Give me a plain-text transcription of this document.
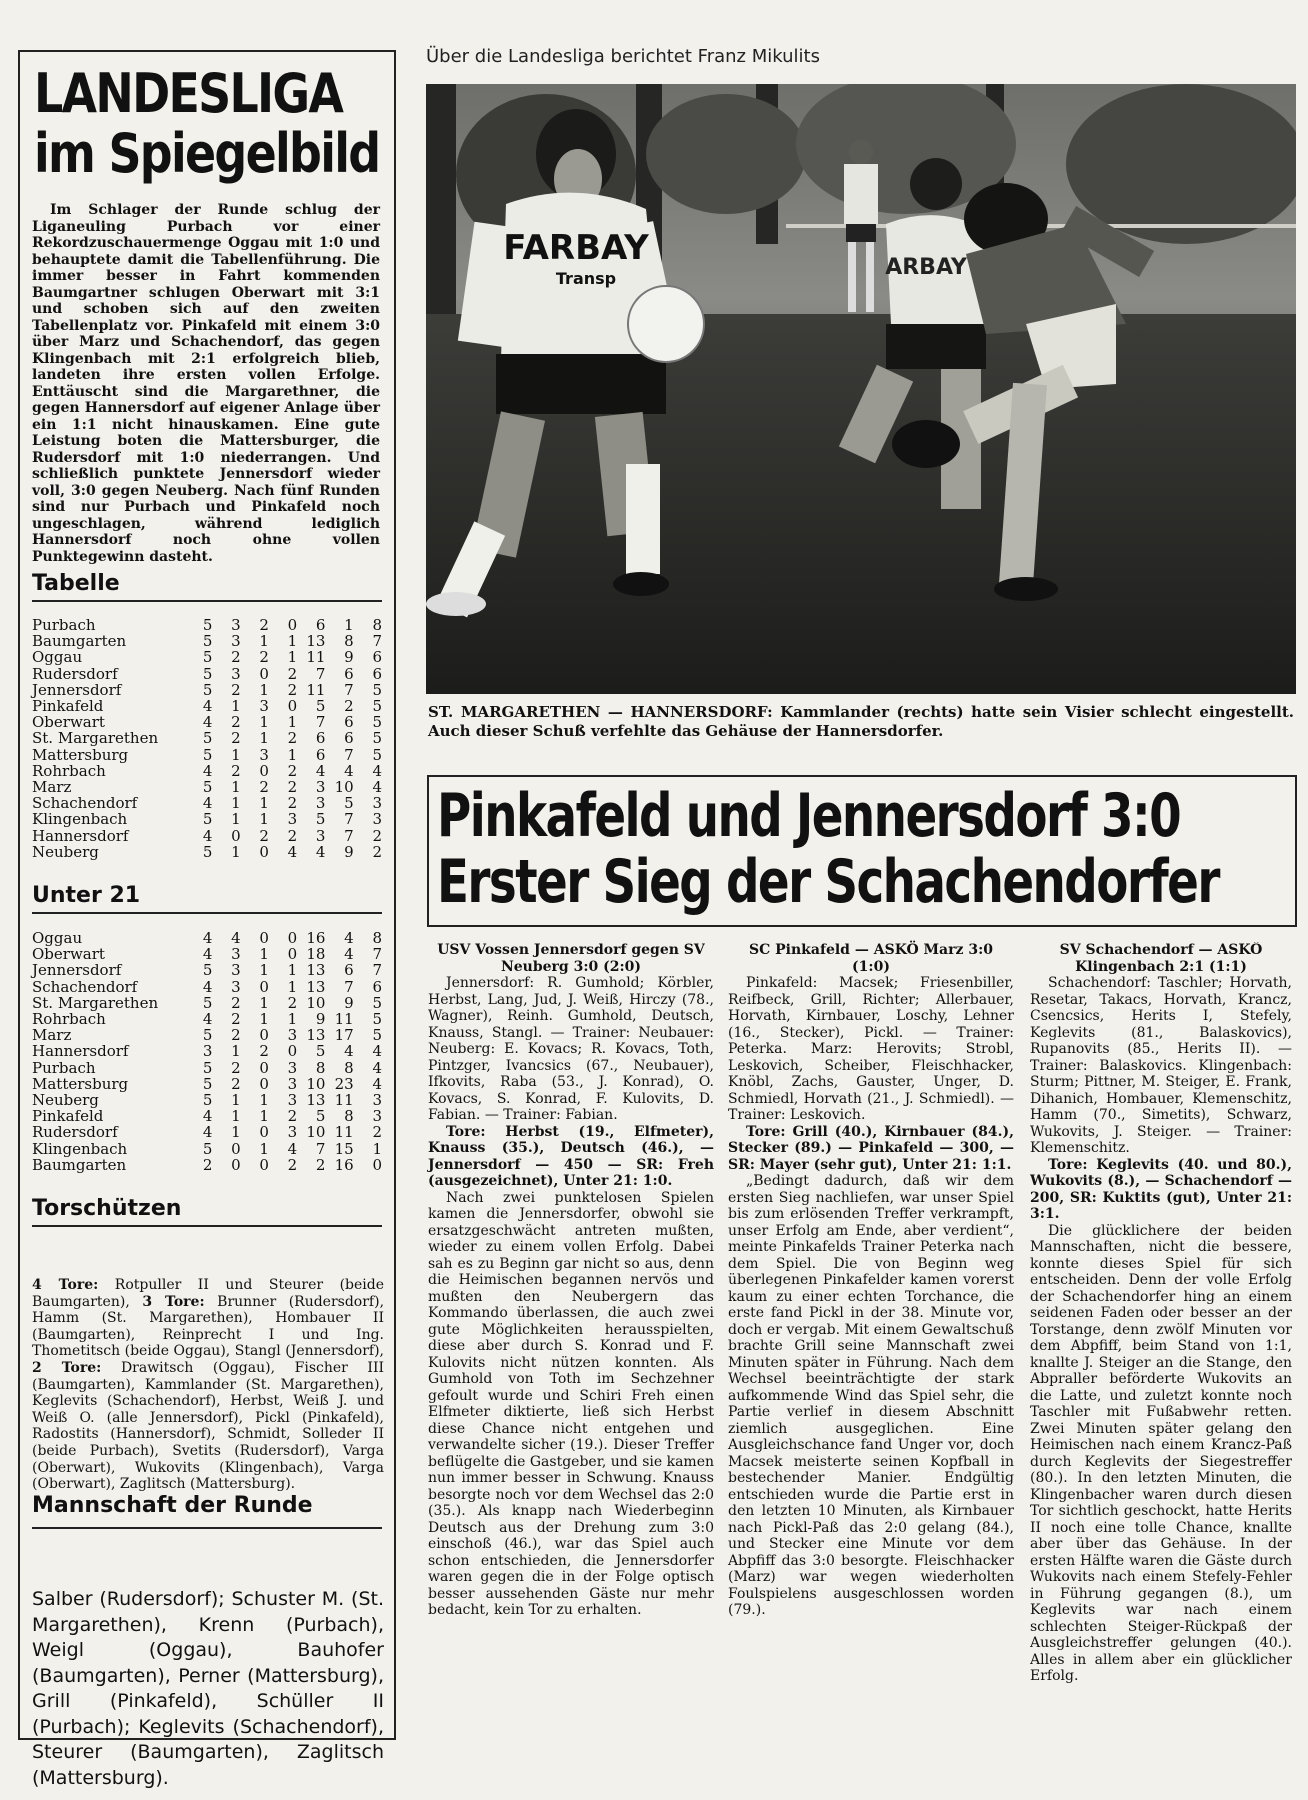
LANDESLIGA
im Spiegelbild
Im Schlager der Runde schlug der Liganeuling Purbach vor einer Rekordzuschauermenge Oggau mit 1:0 und behauptete damit die Tabellenführung. Die immer besser in Fahrt kommenden Baumgartner schlugen Oberwart mit 3:1 und schoben sich auf den zweiten Tabellenplatz vor. Pinkafeld mit einem 3:0 über Marz und Schachendorf, das gegen Klingenbach mit 2:1 erfolgreich blieb, landeten ihre ersten vollen Erfolge. Enttäuscht sind die Margarethner, die gegen Hannersdorf auf eigener Anlage über ein 1:1 nicht hinauskamen. Eine gute Leistung boten die Mattersburger, die Rudersdorf mit 1:0 niederrangen. Und schließlich punktete Jennersdorf wieder voll, 3:0 gegen Neuberg. Nach fünf Runden sind nur Purbach und Pinkafeld noch ungeschlagen, während lediglich Hannersdorf noch ohne vollen Punktegewinn dasteht.
Tabelle
Purbach	5	3	2	0	6	1	8
Baumgarten	5	3	1	1	13	8	7
Oggau	5	2	2	1	11	9	6
Rudersdorf	5	3	0	2	7	6	6
Jennersdorf	5	2	1	2	11	7	5
Pinkafeld	4	1	3	0	5	2	5
Oberwart	4	2	1	1	7	6	5
St. Margarethen	5	2	1	2	6	6	5
Mattersburg	5	1	3	1	6	7	5
Rohrbach	4	2	0	2	4	4	4
Marz	5	1	2	2	3	10	4
Schachendorf	4	1	1	2	3	5	3
Klingenbach	5	1	1	3	5	7	3
Hannersdorf	4	0	2	2	3	7	2
Neuberg	5	1	0	4	4	9	2
Unter 21
Oggau	4	4	0	0	16	4	8
Oberwart	4	3	1	0	18	4	7
Jennersdorf	5	3	1	1	13	6	7
Schachendorf	4	3	0	1	13	7	6
St. Margarethen	5	2	1	2	10	9	5
Rohrbach	4	2	1	1	9	11	5
Marz	5	2	0	3	13	17	5
Hannersdorf	3	1	2	0	5	4	4
Purbach	5	2	0	3	8	8	4
Mattersburg	5	2	0	3	10	23	4
Neuberg	5	1	1	3	13	11	3
Pinkafeld	4	1	1	2	5	8	3
Rudersdorf	4	1	0	3	10	11	2
Klingenbach	5	0	1	4	7	15	1
Baumgarten	2	0	0	2	2	16	0
Torschützen
4 Tore: Rotpuller II und Steurer (beide Baumgarten), 3 Tore: Brunner (Rudersdorf), Hamm (St. Margarethen), Hombauer II (Baumgarten), Reinprecht I und Ing. Thometitsch (beide Oggau), Stangl (Jennersdorf), 2 Tore: Drawitsch (Oggau), Fischer III (Baumgarten), Kammlander (St. Margarethen), Keglevits (Schachendorf), Herbst, Weiß J. und Weiß O. (alle Jennersdorf), Pickl (Pinkafeld), Radostits (Hannersdorf), Schmidt, Solleder II (beide Purbach), Svetits (Rudersdorf), Varga (Oberwart), Wukovits (Klingenbach), Varga (Oberwart), Zaglitsch (Mattersburg).
Mannschaft der Runde
Salber (Rudersdorf); Schuster M. (St. Margarethen), Krenn (Purbach), Weigl (Oggau), Bauhofer (Baumgarten), Perner (Mattersburg), Grill (Pinkafeld), Schüller II (Purbach); Keglevits (Schachendorf), Steurer (Baumgarten), Zaglitsch (Mattersburg).
Über die Landesliga berichtet Franz Mikulits
FARBAY
Transp	ARBAY
ST. MARGARETHEN — HANNERSDORF: Kammlander (rechts) hatte sein Visier schlecht eingestellt. Auch dieser Schuß verfehlte das Gehäuse der Hannersdorfer.
Pinkafeld und Jennersdorf 3:0
Erster Sieg der Schachendorfer

USV Vossen Jennersdorf gegen SV Neuberg 3:0 (2:0)

Jennersdorf: R. Gumhold; Körbler, Herbst, Lang, Jud, J. Weiß, Hirczy (78., Wagner), Reinh. Gumhold, Deutsch, Knauss, Stangl. — Trainer: Neubauer: Neuberg: E. Kovacs; R. Kovacs, Toth, Pintzger, Ivancsics (67., Neubauer), Ifkovits, Raba (53., J. Konrad), O. Kovacs, S. Konrad, F. Kulovits, D. Fabian. — Trainer: Fabian.

Tore: Herbst (19., Elfmeter), Knauss (35.), Deutsch (46.), — Jennersdorf — 450 — SR: Freh (ausgezeichnet), Unter 21: 1:0.

Nach zwei punktelosen Spielen kamen die Jennersdorfer, obwohl sie ersatzgeschwächt antreten mußten, wieder zu einem vollen Erfolg. Dabei sah es zu Beginn gar nicht so aus, denn die Heimischen begannen nervös und mußten den Neubergern das Kommando überlassen, die auch zwei gute Möglichkeiten herausspielten, diese aber durch S. Konrad und F. Kulovits nicht nützen konnten. Als Gumhold von Toth im Sechzehner gefoult wurde und Schiri Freh einen Elfmeter diktierte, ließ sich Herbst diese Chance nicht entgehen und verwandelte sicher (19.). Dieser Treffer beflügelte die Gastgeber, und sie kamen nun immer besser in Schwung. Knauss besorgte noch vor dem Wechsel das 2:0 (35.). Als knapp nach Wiederbeginn Deutsch aus der Drehung zum 3:0 einschoß (46.), war das Spiel auch schon entschieden, die Jennersdorfer waren gegen die in der Folge optisch besser aussehenden Gäste nur mehr bedacht, kein Tor zu erhalten.

SC Pinkafeld — ASKÖ Marz 3:0 (1:0)

Pinkafeld: Macsek; Friesenbiller, Reifbeck, Grill, Richter; Allerbauer, Horvath, Kirnbauer, Loschy, Lehner (16., Stecker), Pickl. — Trainer: Peterka. Marz: Herovits; Strobl, Leskovich, Scheiber, Fleischhacker, Knöbl, Zachs, Gauster, Unger, D. Schmiedl, Horvath (21., J. Schmiedl). — Trainer: Leskovich.

Tore: Grill (40.), Kirnbauer (84.), Stecker (89.) — Pinkafeld — 300, — SR: Mayer (sehr gut), Unter 21: 1:1.

„Bedingt dadurch, daß wir dem ersten Sieg nachliefen, war unser Spiel bis zum erlösenden Treffer verkrampft, unser Erfolg am Ende, aber verdient“, meinte Pinkafelds Trainer Peterka nach dem Spiel. Die von Beginn weg überlegenen Pinkafelder kamen vorerst kaum zu einer echten Torchance, die erste fand Pickl in der 38. Minute vor, doch er vergab. Mit einem Gewaltschuß brachte Grill seine Mannschaft zwei Minuten später in Führung. Nach dem Wechsel beeinträchtigte der stark aufkommende Wind das Spiel sehr, die Partie verlief in diesem Abschnitt ziemlich ausgeglichen. Eine Ausgleichschance fand Unger vor, doch Macsek meisterte seinen Kopfball in bestechender Manier. Endgültig entschieden wurde die Partie erst in den letzten 10 Minuten, als Kirnbauer nach Pickl-Paß das 2:0 gelang (84.), und Stecker eine Minute vor dem Abpfiff das 3:0 besorgte. Fleischhacker (Marz) war wegen wiederholten Foulspielens ausgeschlossen worden (79.).

SV Schachendorf — ASKÖ Klingenbach 2:1 (1:1)

Schachendorf: Taschler; Horvath, Resetar, Takacs, Horvath, Krancz, Csencsics, Herits I, Stefely, Keglevits (81., Balaskovics), Rupanovits (85., Herits II). — Trainer: Balaskovics. Klingenbach: Sturm; Pittner, M. Steiger, E. Frank, Dihanich, Hombauer, Klemenschitz, Hamm (70., Simetits), Schwarz, Wukovits, J. Steiger. — Trainer: Klemenschitz.

Tore: Keglevits (40. und 80.), Wukovits (8.), — Schachendorf — 200, SR: Kuktits (gut), Unter 21: 3:1.

Die glücklichere der beiden Mannschaften, nicht die bessere, konnte dieses Spiel für sich entscheiden. Denn der volle Erfolg der Schachendorfer hing an einem seidenen Faden oder besser an der Torstange, denn zwölf Minuten vor dem Abpfiff, beim Stand von 1:1, knallte J. Steiger an die Stange, den Abpraller beförderte Wukovits an die Latte, und zuletzt konnte noch Taschler mit Fußabwehr retten. Zwei Minuten später gelang den Heimischen nach einem Krancz-Paß durch Keglevits der Siegestreffer (80.). In den letzten Minuten, die Klingenbacher waren durch diesen Tor sichtlich geschockt, hatte Herits II noch eine tolle Chance, knallte aber über das Gehäuse. In der ersten Hälfte waren die Gäste durch Wukovits nach einem Stefely-Fehler in Führung gegangen (8.), um Keglevits war nach einem schlechten Steiger-Rückpaß der Ausgleichstreffer gelungen (40.). Alles in allem aber ein glücklicher Erfolg.
